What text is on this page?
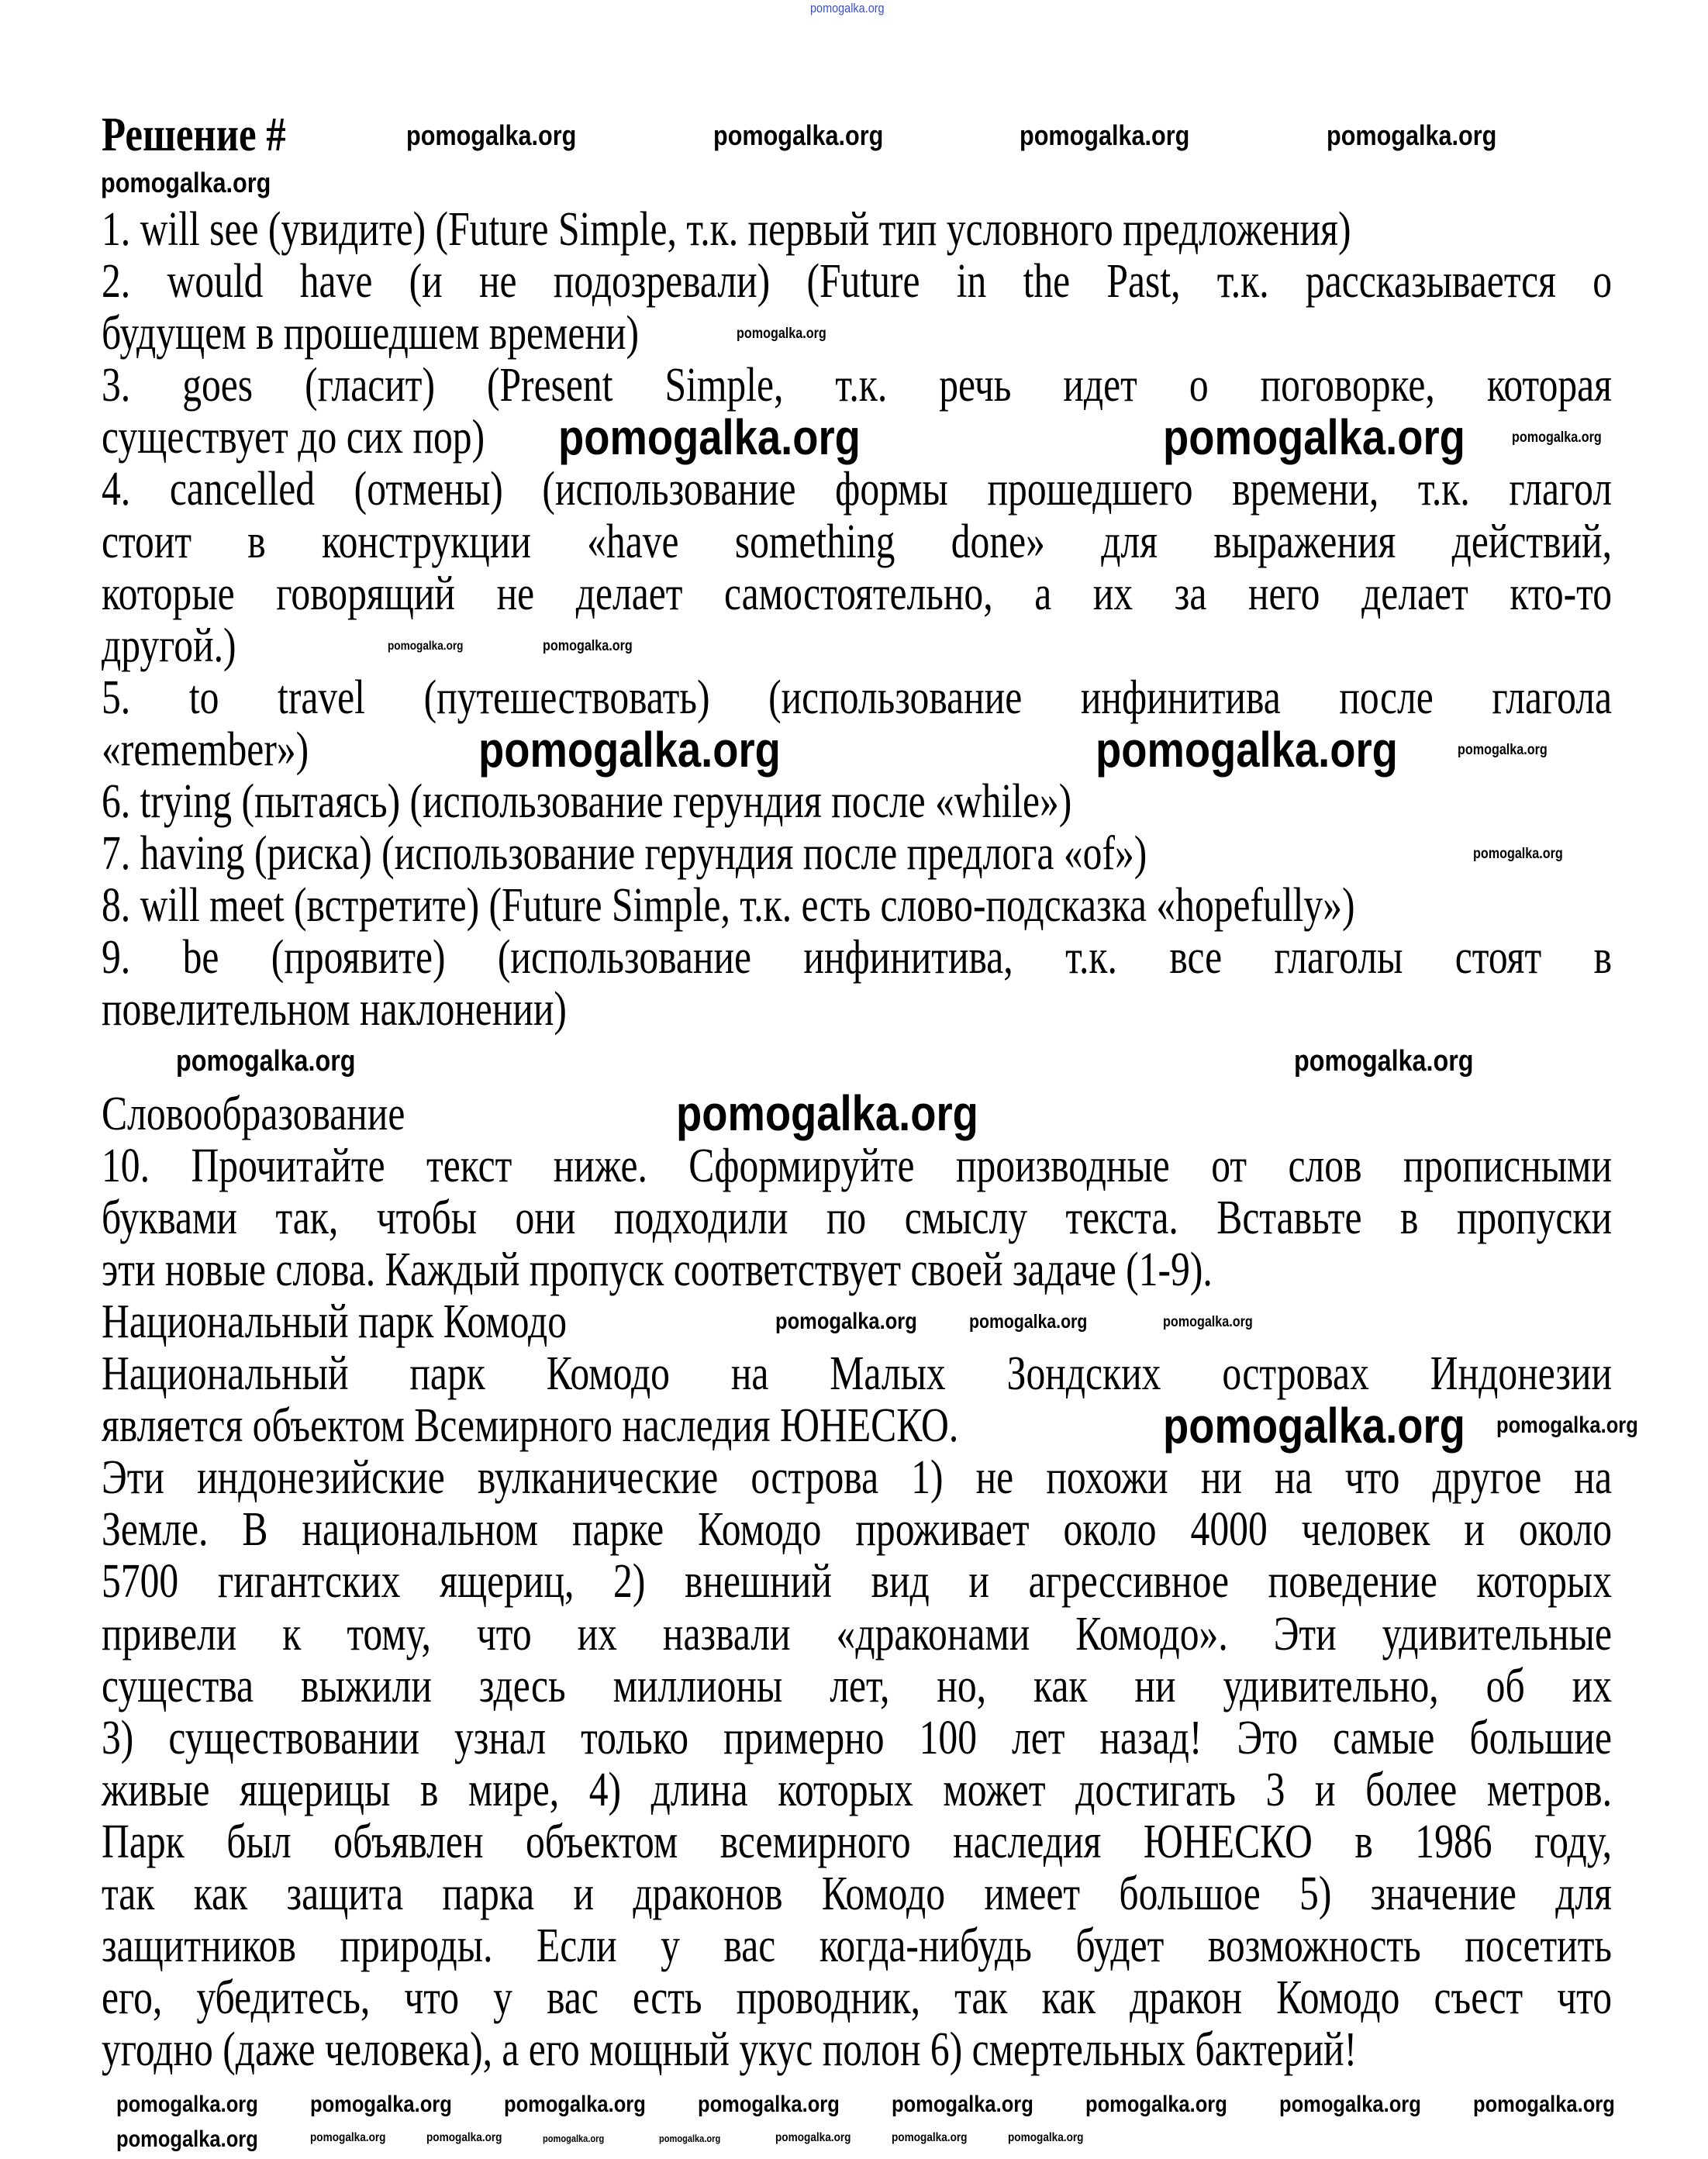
Решение #
1. will see (увидите) (Future Simple, т.к. первый тип условного предложения)
2. would have (и не подозревали) (Future in the Past, т.к. рассказывается о
будущем в прошедшем времени)
3. goes (гласит) (Present Simple, т.к. речь идет о поговорке, которая
существует до сих пор)
4. cancelled (отмены) (использование формы прошедшего времени, т.к. глагол
стоит в конструкции «have something done» для выражения действий,
которые говорящий не делает самостоятельно, а их за него делает кто-то
другой.)
5. to travel (путешествовать) (использование инфинитива после глагола
«remember»)
6. trying (пытаясь) (использование герундия после «while»)
7. having (риска) (использование герундия после предлога «of»)
8. will meet (встретите) (Future Simple, т.к. есть слово-подсказка «hopefully»)
9. be (проявите) (использование инфинитива, т.к. все глаголы стоят в
повелительном наклонении)
Словообразование
10. Прочитайте текст ниже. Сформируйте производные от слов прописными
буквами так, чтобы они подходили по смыслу текста. Вставьте в пропуски
эти новые слова. Каждый пропуск соответствует своей задаче (1-9).
Национальный парк Комодо
Национальный парк Комодо на Малых Зондских островах Индонезии
является объектом Всемирного наследия ЮНЕСКО.
Эти индонезийские вулканические острова 1) не похожи ни на что другое на
Земле. В национальном парке Комодо проживает около 4000 человек и около
5700 гигантских ящериц, 2) внешний вид и агрессивное поведение которых
привели к тому, что их назвали «драконами Комодо». Эти удивительные
существа выжили здесь миллионы лет, но, как ни удивительно, об их
3) существовании узнал только примерно 100 лет назад! Это самые большие
живые ящерицы в мире, 4) длина которых может достигать 3 и более метров.
Парк был объявлен объектом всемирного наследия ЮНЕСКО в 1986 году,
так как защита парка и драконов Комодо имеет большое 5) значение для
защитников природы. Если у вас когда-нибудь будет возможность посетить
его, убедитесь, что у вас есть проводник, так как дракон Комодо съест что
угодно (даже человека), а его мощный укус полон 6) смертельных бактерий!
pomogalka.org
pomogalka.org	pomogalka.org	pomogalka.org	pomogalka.org
pomogalka.org
pomogalka.org
pomogalka.org	pomogalka.org	pomogalka.org
pomogalka.org
pomogalka.org
pomogalka.org	pomogalka.org	pomogalka.org
pomogalka.org
pomogalka.org
pomogalka.org
pomogalka.org
pomogalka.org	pomogalka.org
pomogalka.org pomogalka.org
pomogalka.org
pomogalka.org
pomogalka.org
pomogalka.org pomogalka.org pomogalka.org
pomogalka.org
pomogalka.org
pomogalka.org
pomogalka.org pomogalka.org pomogalka.org
pomogalka.org
pomogalka.org	pomogalka.org	pomogalka.org	pomogalka.org
